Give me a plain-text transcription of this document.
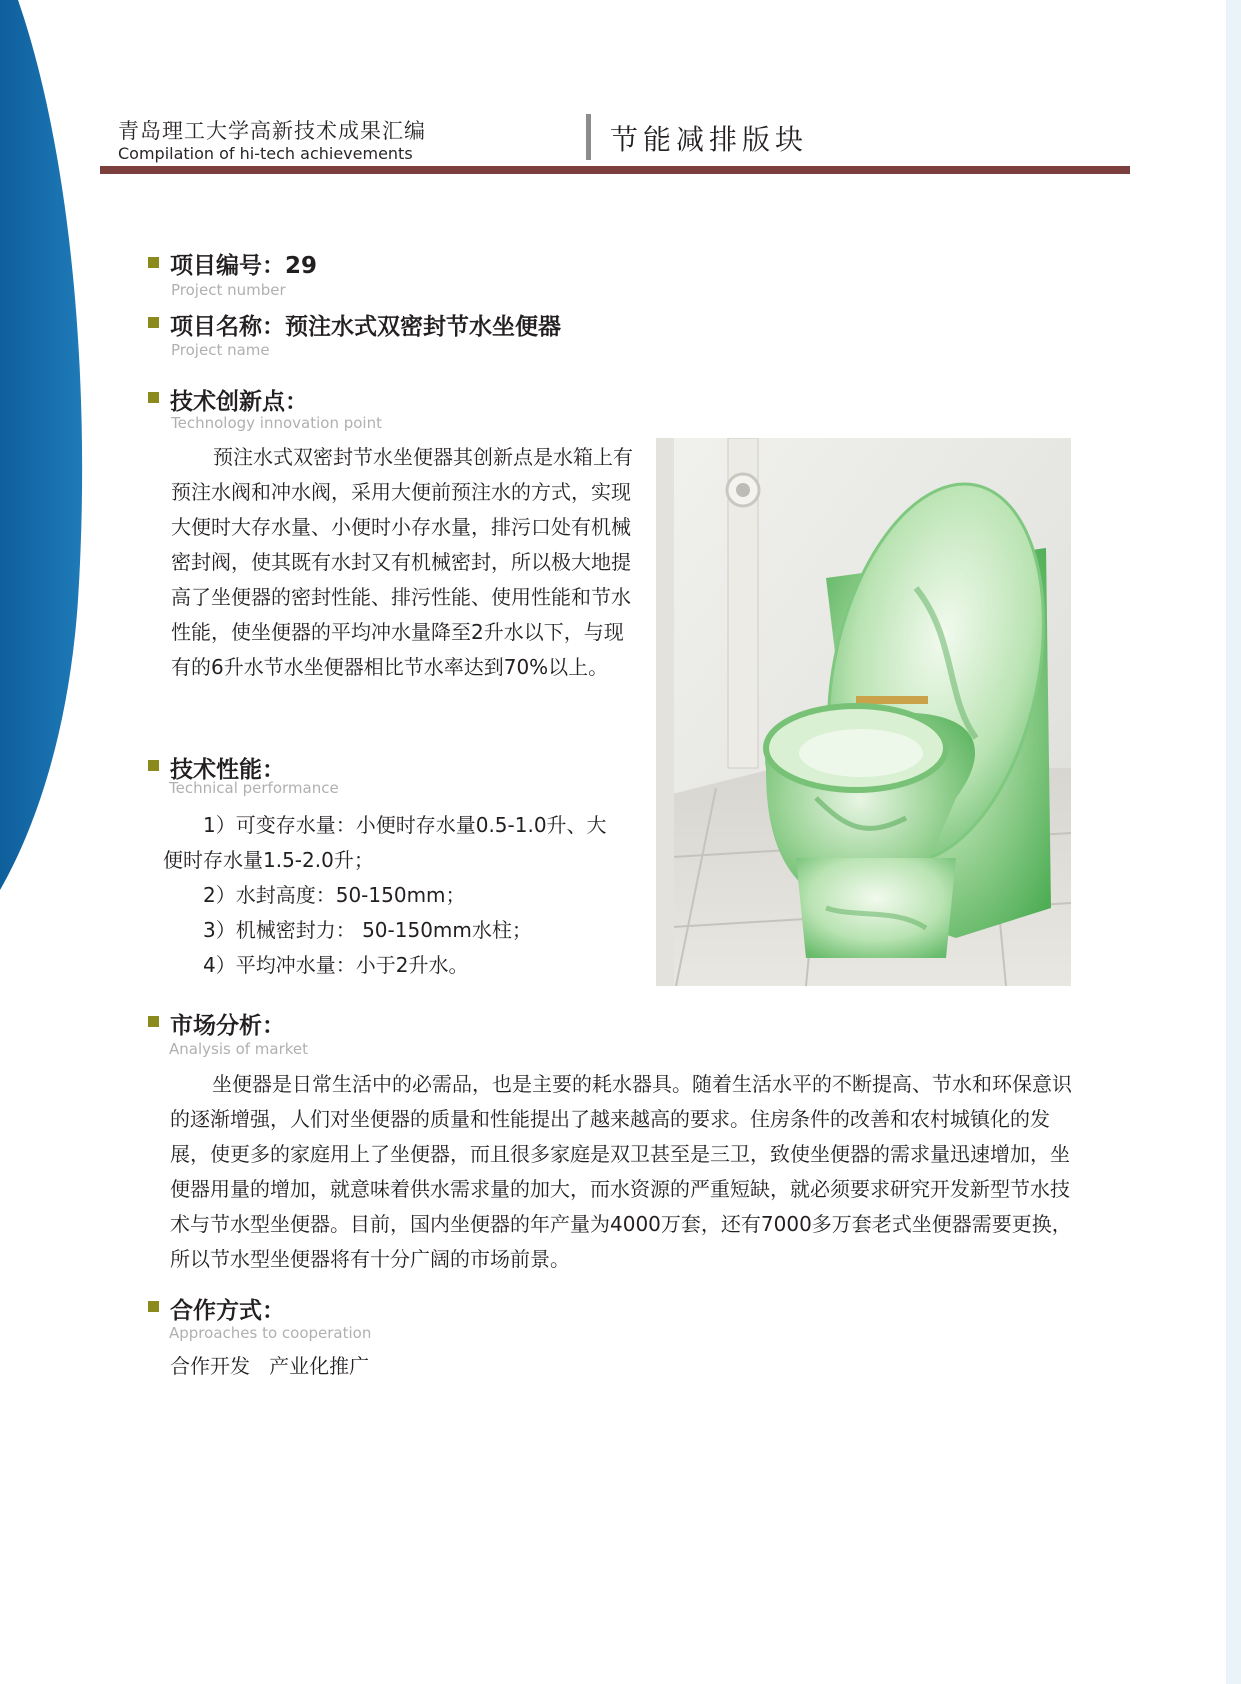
青岛理工大学高新技术成果汇编
Compilation of hi-tech achievements	节能减排版块
项目编号：29
Project number
项目名称：预注水式双密封节水坐便器
Project name
技术创新点：
Technology innovation point
预注水式双密封节水坐便器其创新点是水箱上有预注水阀和冲水阀，采用大便前预注水的方式，实现大便时大存水量、小便时小存水量，排污口处有机械密封阀，使其既有水封又有机械密封，所以极大地提高了坐便器的密封性能、排污性能、使用性能和节水性能，使坐便器的平均冲水量降至2升水以下，与现有的6升水节水坐便器相比节水率达到70%以上。
技术性能：
Technical performance
1）可变存水量：小便时存水量0.5-1.0升、大
便时存水量1.5-2.0升；
2）水封高度：50-150mm；
3）机械密封力： 50-150mm水柱；
4）平均冲水量：小于2升水。
市场分析：
Analysis of market
坐便器是日常生活中的必需品，也是主要的耗水器具。随着生活水平的不断提高、节水和环保意识的逐渐增强，人们对坐便器的质量和性能提出了越来越高的要求。住房条件的改善和农村城镇化的发展，使更多的家庭用上了坐便器，而且很多家庭是双卫甚至是三卫，致使坐便器的需求量迅速增加，坐便器用量的增加，就意味着供水需求量的加大，而水资源的严重短缺，就必须要求研究开发新型节水技术与节水型坐便器。目前，国内坐便器的年产量为4000万套，还有7000多万套老式坐便器需要更换，所以节水型坐便器将有十分广阔的市场前景。
合作方式：
Approaches to cooperation
合作开发   产业化推广
